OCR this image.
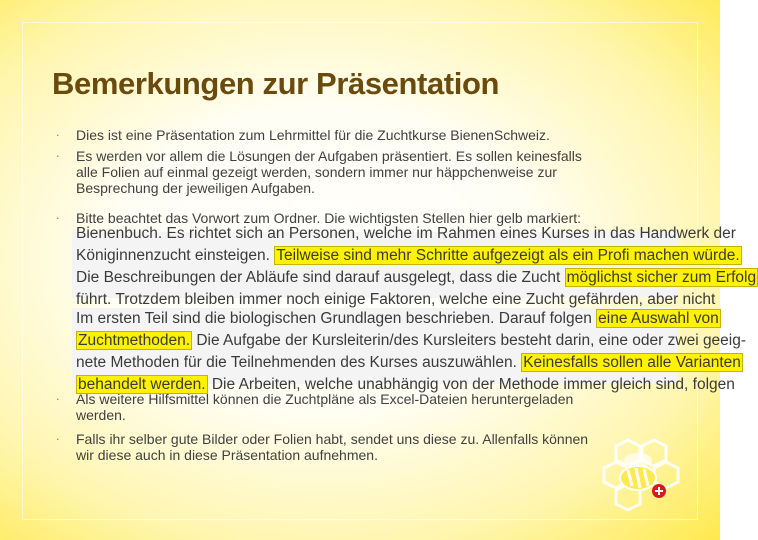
Bemerkungen zur Präsentation
· Dies ist eine Präsentation zum Lehrmittel für die Zuchtkurse BienenSchweiz.
· Es werden vor allem die Lösungen der Aufgaben präsentiert. Es sollen keinesfalls
alle Folien auf einmal gezeigt werden, sondern immer nur häppchenweise zur
Besprechung der jeweiligen Aufgaben.
· Bitte beachtet das Vorwort zum Ordner. Die wichtigsten Stellen hier gelb markiert:
Bienenbuch. Es richtet sich an Personen, welche im Rahmen eines Kurses in das Handwerk der
Königinnenzucht einsteigen. Teilweise sind mehr Schritte aufgezeigt als ein Profi machen würde.
Die Beschreibungen der Abläufe sind darauf ausgelegt, dass die Zucht möglichst sicher zum Erfolg
führt. Trotzdem bleiben immer noch einige Faktoren, welche eine Zucht gefährden, aber nicht
Im ersten Teil sind die biologischen Grundlagen beschrieben. Darauf folgen eine Auswahl von
Zuchtmethoden. Die Aufgabe der Kursleiterin/des Kursleiters besteht darin, eine oder zwei geeig-
nete Methoden für die Teilnehmenden des Kurses auszuwählen. Keinesfalls sollen alle Varianten
behandelt werden. Die Arbeiten, welche unabhängig von der Methode immer gleich sind, folgen
· Als weitere Hilfsmittel können die Zuchtpläne als Excel-Dateien heruntergeladen
werden.
· Falls ihr selber gute Bilder oder Folien habt, sendet uns diese zu. Allenfalls können
wir diese auch in diese Präsentation aufnehmen.
